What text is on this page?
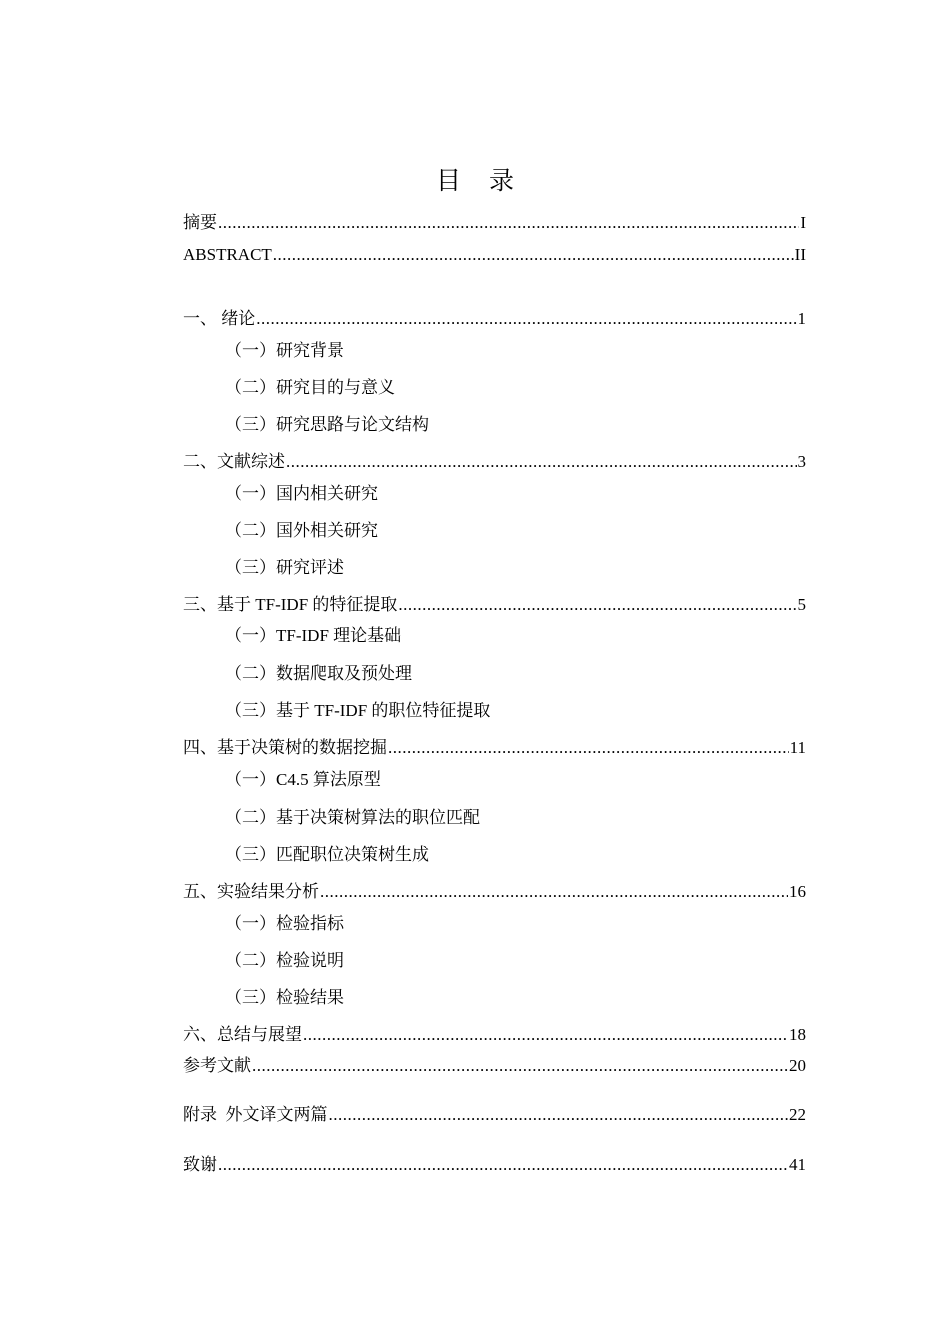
目 录
摘要 .....	I
ABSTRACT .....	II
一、 绪论 .....	1
（一）研究背景
（二）研究目的与意义
（三）研究思路与论文结构
二、文献综述 .....	3
（一）国内相关研究
（二）国外相关研究
（三）研究评述
三、基于 TF-IDF 的特征提取 .....	5
（一）TF-IDF 理论基础
（二）数据爬取及预处理
（三）基于 TF-IDF 的职位特征提取
四、基于决策树的数据挖掘 .....	11
（一）C4.5 算法原型
（二）基于决策树算法的职位匹配
（三）匹配职位决策树生成
五、实验结果分析 .....	16
（一）检验指标
（二）检验说明
（三）检验结果
六、总结与展望 .....	18
参考文献 .....	20
附录  外文译文两篇 .....	22
致谢 .....	41
